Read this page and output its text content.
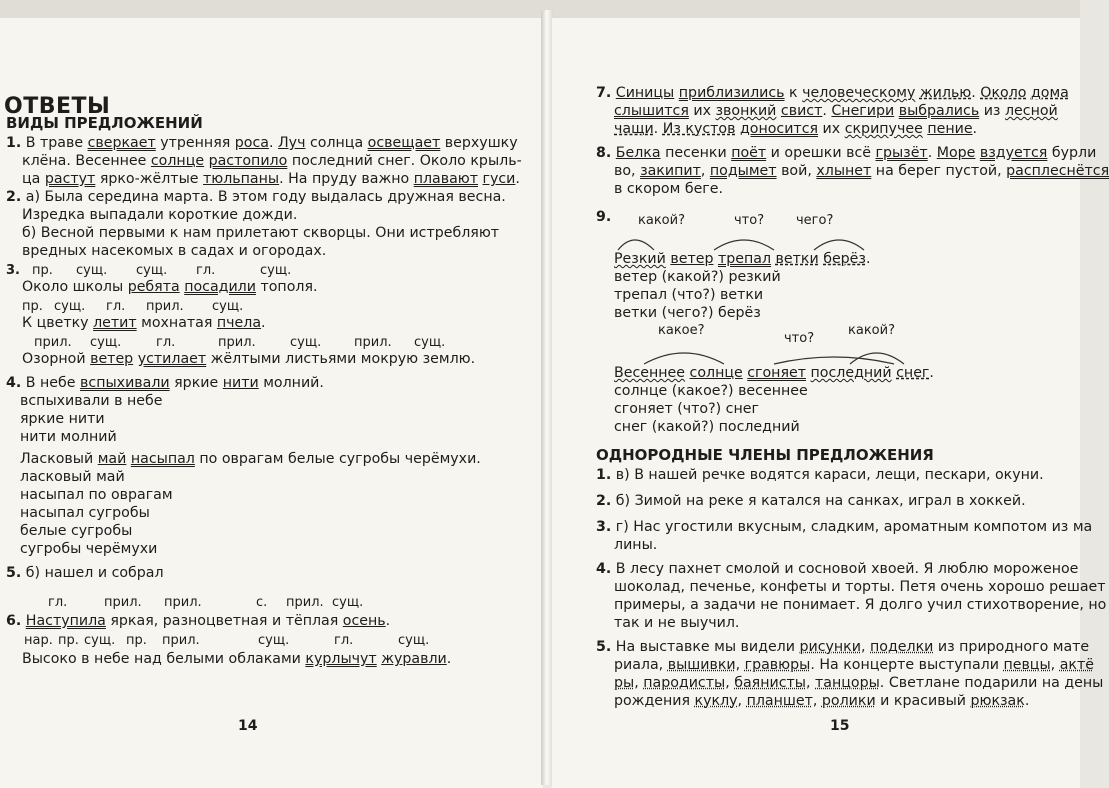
ОТВЕТЫ
ВИДЫ ПРЕДЛОЖЕНИЙ
1. В траве сверкает утренняя роса. Луч солнца освещает верхушку
клёна. Весеннее солнце растопило последний снег. Около крыль-
ца растут ярко-жёлтые тюльпаны. На пруду важно плавают гуси.
2. а) Была середина марта. В этом году выдалась дружная весна.
Изредка выпадали короткие дожди.
б) Весной первыми к нам прилетают скворцы. Они истребляют
вредных насекомых в садах и огородах.
3. пр. сущ. сущ. гл.	сущ.
Около школы ребята посадили тополя.
пр. сущ. гл. прил. сущ.
К цветку летит мохнатая пчела.
прил. сущ.	гл.	прил.	сущ.	прил. сущ.
Озорной ветер устилает жёлтыми листьями мокрую землю.
4. В небе вспыхивали яркие нити молний.
вспыхивали в небе
яркие нити
нити молний
Ласковый май насыпал по оврагам белые сугробы черёмухи.
ласковый май
насыпал по оврагам
насыпал сугробы
белые сугробы
сугробы черёмухи
5. б) нашел и собрал
гл.	прил. прил.	с. прил. сущ.
6. Наступила яркая, разноцветная и тёплая осень.
нар. пр. сущ. пр. прил.	сущ.	гл.	сущ.
Высоко в небе над белыми облаками курлычут журавли.
14
7. Синицы приблизились к человеческому жилью. Около дома
слышится их звонкий свист. Снегири выбрались из лесной
чащи. Из кустов доносится их скрипучее пение.
8. Белка песенки поёт и орешки всё грызёт. Море вздуется бурли
во, закипит, подымет вой, хлынет на берег пустой, расплеснётся
в скором беге.
9. какой?	что? чего?
Резкий ветер трепал ветки берёз.
ветер (какой?) резкий
трепал (что?) ветки
ветки (чего?) берёз
какое?
что?
какой?
Весеннее солнце сгоняет последний снег.
солнце (какое?) весеннее
сгоняет (что?) снег
снег (какой?) последний
ОДНОРОДНЫЕ ЧЛЕНЫ ПРЕДЛОЖЕНИЯ
1. в) В нашей речке водятся караси, лещи, пескари, окуни.
2. б) Зимой на реке я катался на санках, играл в хоккей.
3. г) Нас угостили вкусным, сладким, ароматным компотом из ма
лины.
4. В лесу пахнет смолой и сосновой хвоей. Я люблю мороженое
шоколад, печенье, конфеты и торты. Петя очень хорошо решает
примеры, а задачи не понимает. Я долго учил стихотворение, но
так и не выучил.
5. На выставке мы видели рисунки, поделки из природного мате
риала, вышивки, гравюры. На концерте выступали певцы, актё
ры, пародисты, баянисты, танцоры. Светлане подарили на дены
рождения куклу, планшет, ролики и красивый рюкзак.
15
